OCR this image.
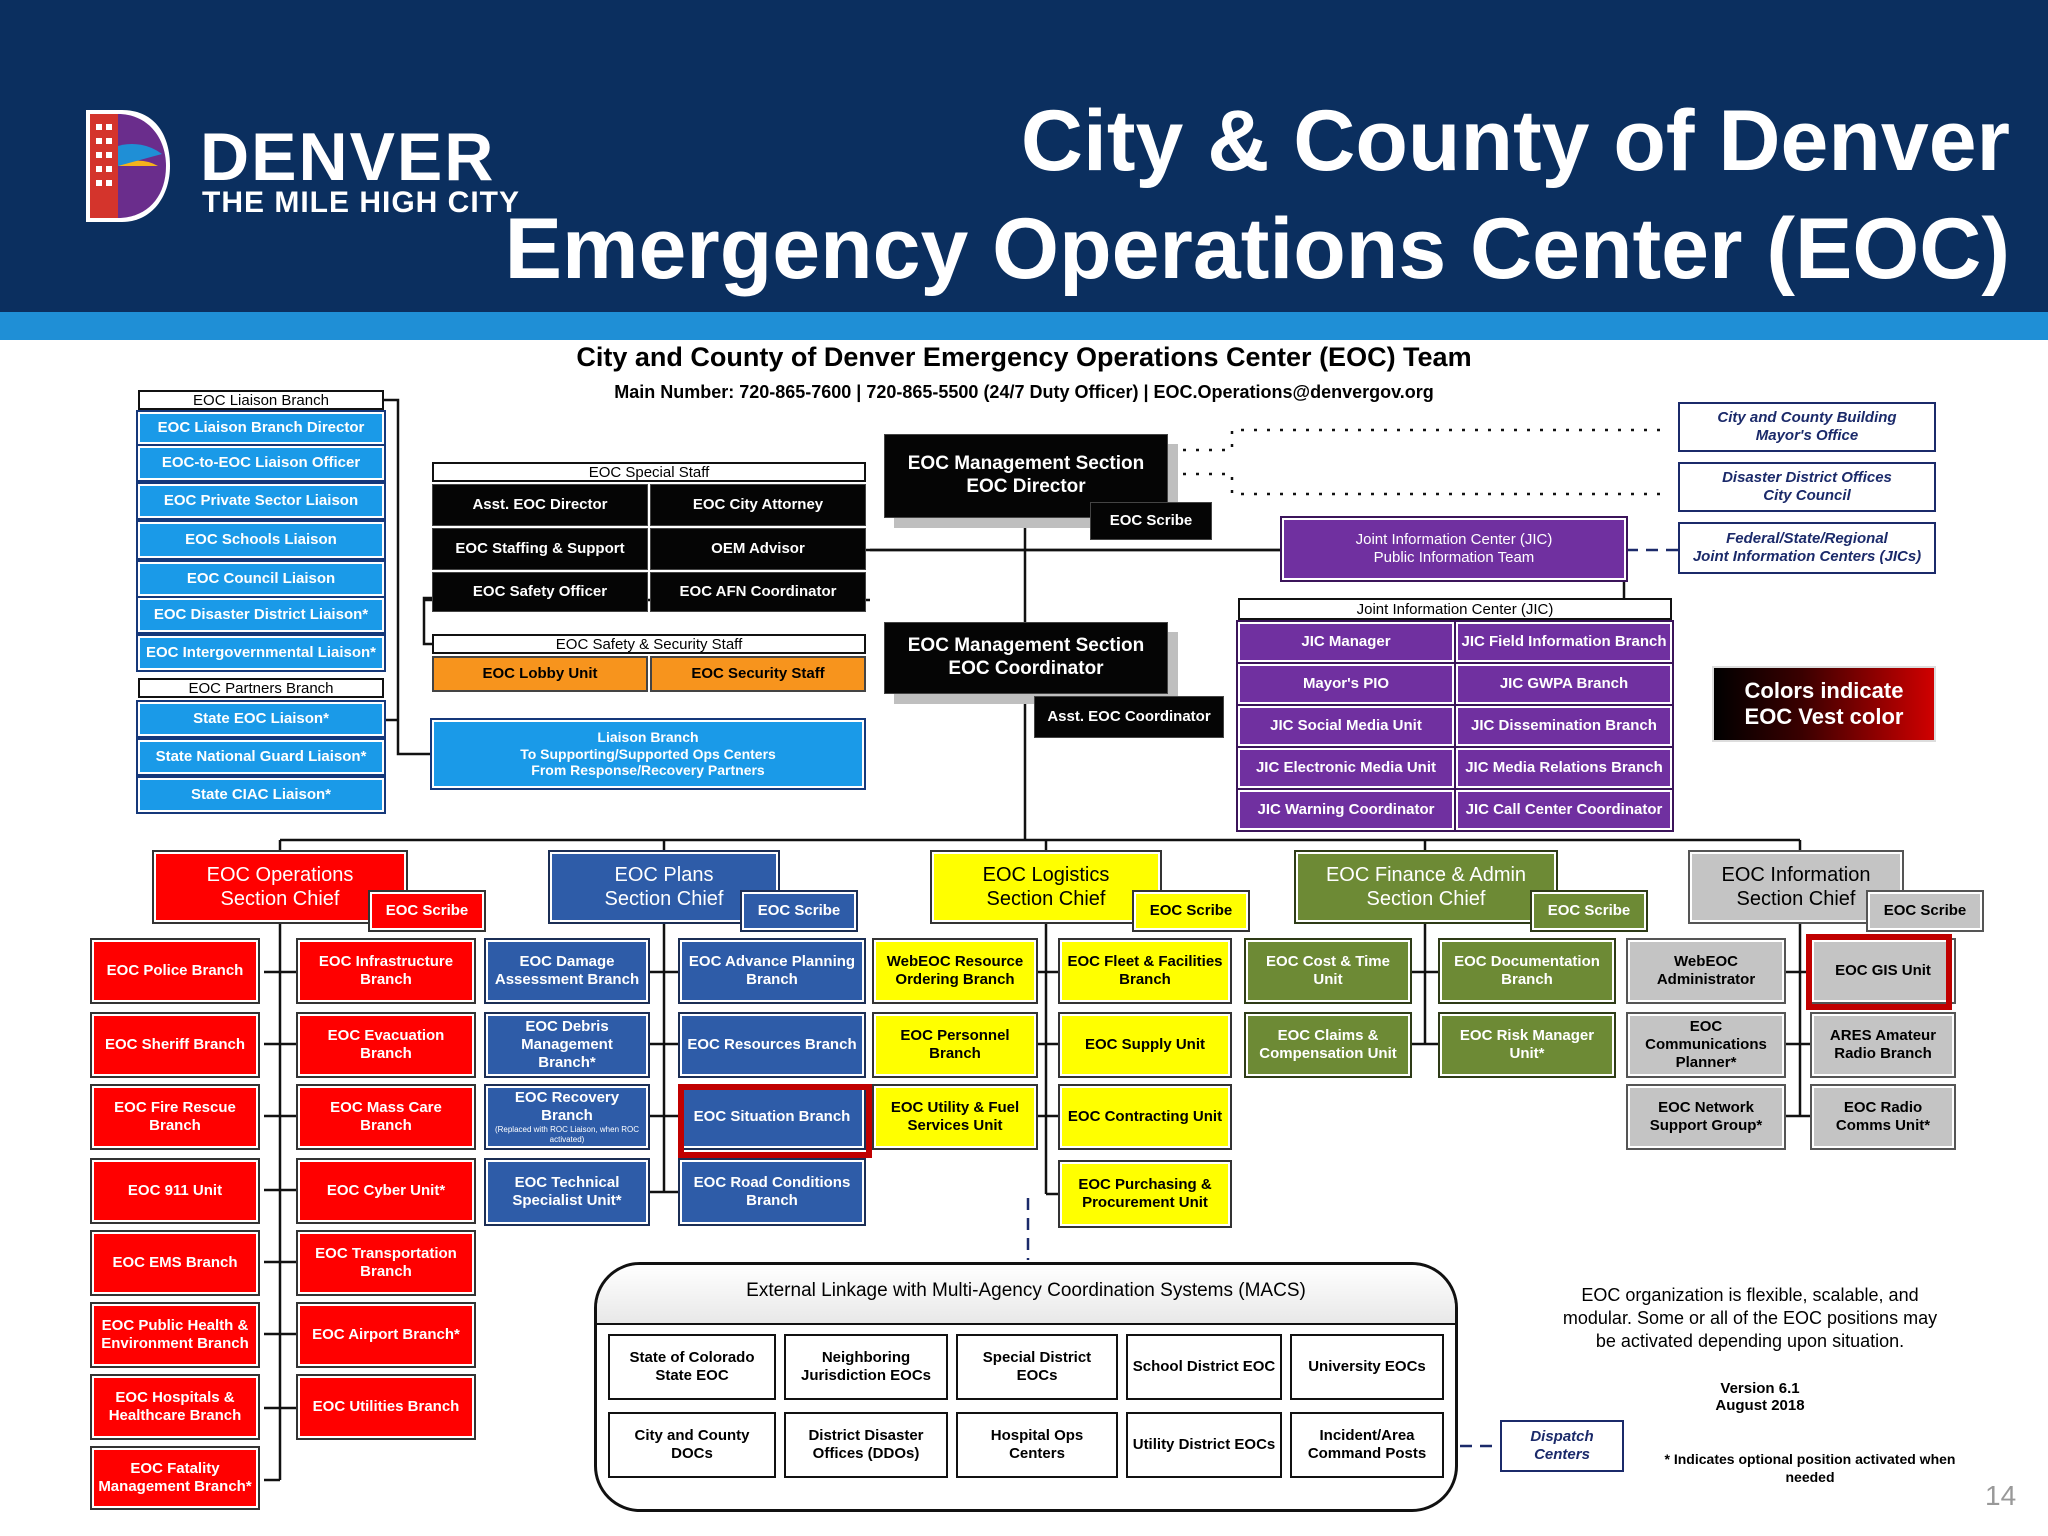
DENVER
THE MILE HIGH CITY
City & County of Denver
Emergency Operations Center (EOC)
City and County of Denver Emergency Operations Center (EOC) Team
Main Number: 720-865-7600 | 720-865-5500 (24/7 Duty Officer) | EOC.Operations@denvergov.org
EOC Liaison Branch
EOC Liaison Branch Director
EOC-to-EOC Liaison Officer
EOC Private Sector Liaison
EOC Schools Liaison
EOC Council Liaison
EOC Disaster District Liaison*
EOC Intergovernmental Liaison*
EOC Partners Branch
State EOC Liaison*
State National Guard Liaison*
State CIAC Liaison*
EOC Special Staff
Asst. EOC Director	EOC City Attorney
EOC Staffing & Support	OEM Advisor
EOC Safety Officer	EOC AFN Coordinator
EOC Safety & Security Staff
EOC Lobby Unit	EOC Security Staff
Liaison Branch
To Supporting/Supported Ops Centers
From Response/Recovery Partners
EOC Management Section
EOC Director
EOC Scribe
EOC Management Section
EOC Coordinator
Asst. EOC Coordinator
City and County Building
Mayor's Office
Disaster District Offices
City Council
Federal/State/Regional
Joint Information Centers (JICs)
Joint Information Center (JIC)
Public Information Team
Joint Information Center (JIC)
JIC Manager	JIC Field Information Branch
Mayor's PIO	JIC GWPA Branch
JIC Social Media Unit	JIC Dissemination Branch
JIC Electronic Media Unit	JIC Media Relations Branch
JIC Warning Coordinator	JIC Call Center Coordinator
Colors indicate
EOC Vest color
EOC Operations
Section Chief
EOC Scribe
EOC Police Branch
EOC Sheriff Branch
EOC Fire Rescue Branch
EOC 911 Unit
EOC EMS Branch
EOC Public Health & Environment Branch
EOC Hospitals & Healthcare Branch
EOC Fatality Management Branch*
EOC Infrastructure Branch
EOC Evacuation Branch
EOC Mass Care Branch
EOC Cyber Unit*
EOC Transportation Branch
EOC Airport Branch*
EOC Utilities Branch
EOC Plans
Section Chief
EOC Scribe
EOC Damage Assessment Branch
EOC Debris Management Branch*
EOC Recovery Branch
(Replaced with ROC Liaison, when ROC activated)
EOC Technical Specialist Unit*
EOC Advance Planning Branch
EOC Resources Branch
EOC Situation Branch
EOC Road Conditions Branch
EOC Logistics
Section Chief
EOC Scribe
WebEOC Resource Ordering Branch
EOC Personnel Branch
EOC Utility & Fuel Services Unit
EOC Fleet & Facilities Branch
EOC Supply Unit
EOC Contracting Unit
EOC Purchasing & Procurement Unit
EOC Finance & Admin
Section Chief
EOC Scribe
EOC Cost & Time Unit
EOC Claims & Compensation Unit
EOC Documentation Branch
EOC Risk Manager Unit*
EOC Information
Section Chief
EOC Scribe
WebEOC Administrator
EOC Communications Planner*
EOC Network Support Group*
EOC GIS Unit
ARES Amateur Radio Branch
EOC Radio Comms Unit*
External Linkage with Multi-Agency Coordination Systems (MACS)
State of Colorado State EOC
Neighboring Jurisdiction EOCs
Special District EOCs
School District EOC	University EOCs
City and County DOCs
District Disaster Offices (DDOs)
Hospital Ops Centers
Utility District EOCs
Incident/Area Command Posts
Dispatch
Centers
EOC organization is flexible, scalable, and modular. Some or all of the EOC positions may be activated depending upon situation.
Version 6.1
August 2018
* Indicates optional position activated when needed
14
